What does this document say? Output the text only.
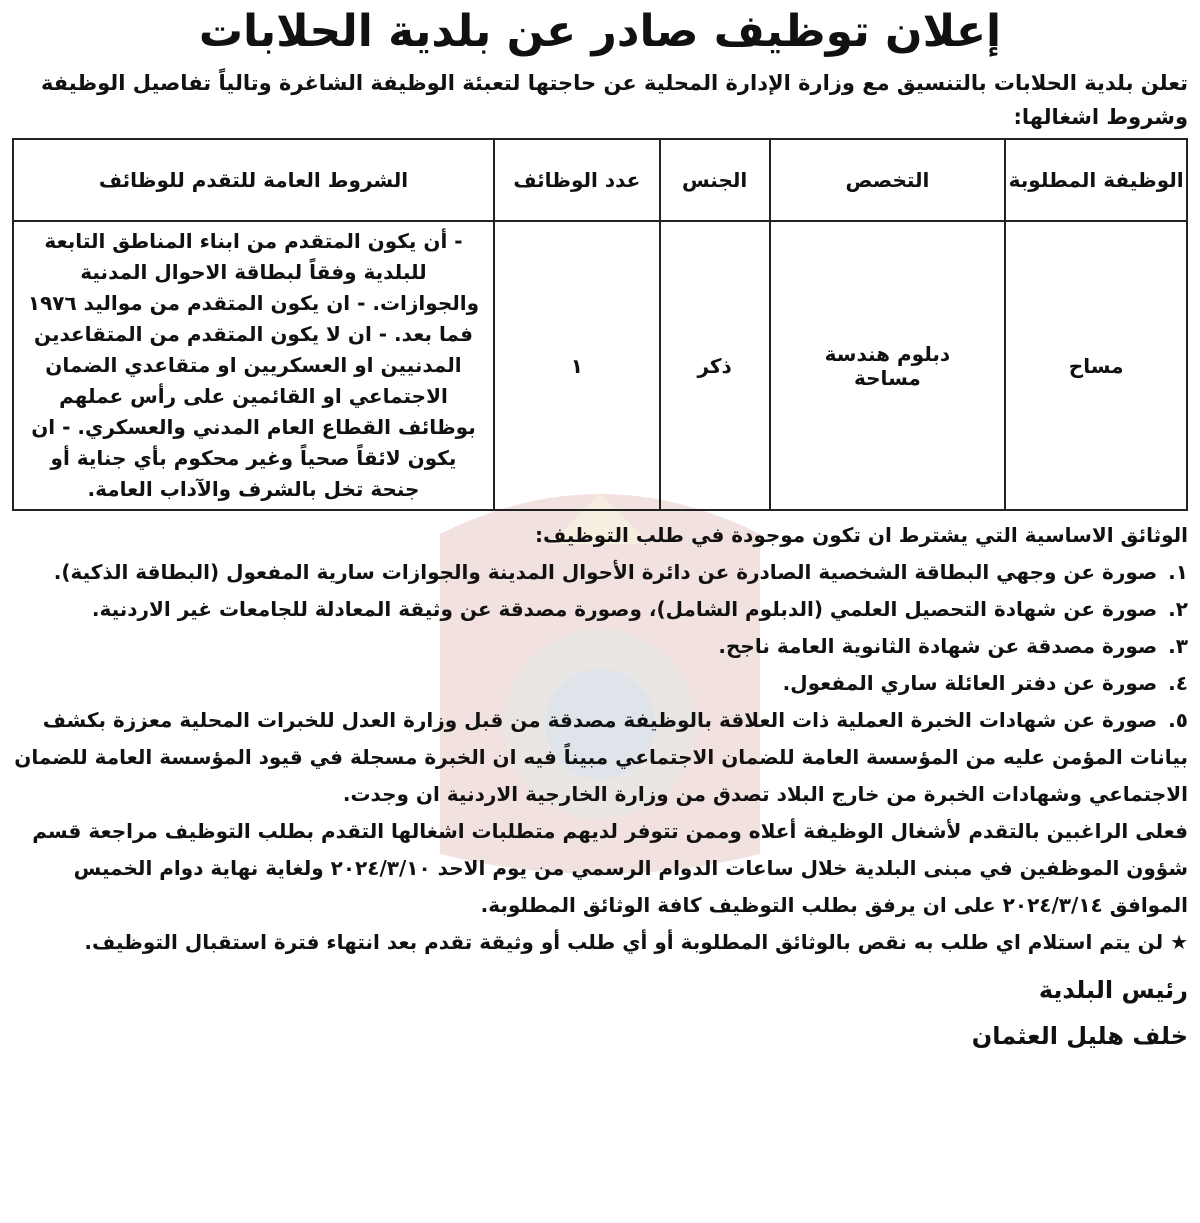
إعلان توظيف صادر عن بلدية الحلابات

تعلن بلدية الحلابات بالتنسيق مع وزارة الإدارة المحلية عن حاجتها لتعبئة الوظيفة الشاغرة وتالياً تفاصيل الوظيفة وشروط اشغالها:

الوظيفة المطلوبة	التخصص	الجنس	عدد الوظائف	الشروط العامة للتقدم للوظائف
مساح	دبلوم هندسة مساحة	ذكر	١	- أن يكون المتقدم من ابناء المناطق التابعة للبلدية وفقاً لبطاقة الاحوال المدنية والجوازات. - ان يكون المتقدم من مواليد ١٩٧٦ فما بعد. - ان لا يكون المتقدم من المتقاعدين المدنيين او العسكريين او متقاعدي الضمان الاجتماعي او القائمين على رأس عملهم بوظائف القطاع العام المدني والعسكري. - ان يكون لائقاً صحياً وغير محكوم بأي جناية أو جنحة تخل بالشرف والآداب العامة.

الوثائق الاساسية التي يشترط ان تكون موجودة في طلب التوظيف:

١. صورة عن وجهي البطاقة الشخصية الصادرة عن دائرة الأحوال المدينة والجوازات سارية المفعول (البطاقة الذكية).

٢. صورة عن شهادة التحصيل العلمي (الدبلوم الشامل)، وصورة مصدقة عن وثيقة المعادلة للجامعات غير الاردنية.

٣. صورة مصدقة عن شهادة الثانوية العامة ناجح.

٤. صورة عن دفتر العائلة ساري المفعول.

٥. صورة عن شهادات الخبرة العملية ذات العلاقة بالوظيفة مصدقة من قبل وزارة العدل للخبرات المحلية معززة بكشف بيانات المؤمن عليه من المؤسسة العامة للضمان الاجتماعي مبيناً فيه ان الخبرة مسجلة في قيود المؤسسة العامة للضمان الاجتماعي وشهادات الخبرة من خارج البلاد تصدق من وزارة الخارجية الاردنية ان وجدت.

فعلى الراغبين بالتقدم لأشغال الوظيفة أعلاه وممن تتوفر لديهم متطلبات اشغالها التقدم بطلب التوظيف مراجعة قسم شؤون الموظفين في مبنى البلدية خلال ساعات الدوام الرسمي من يوم الاحد ٢٠٢٤/٣/١٠ ولغاية نهاية دوام الخميس الموافق ٢٠٢٤/٣/١٤ على ان يرفق بطلب التوظيف كافة الوثائق المطلوبة.

★ لن يتم استلام اي طلب به نقص بالوثائق المطلوبة أو أي طلب أو وثيقة تقدم بعد انتهاء فترة استقبال التوظيف.

رئيس البلدية
خلف هليل العثمان
